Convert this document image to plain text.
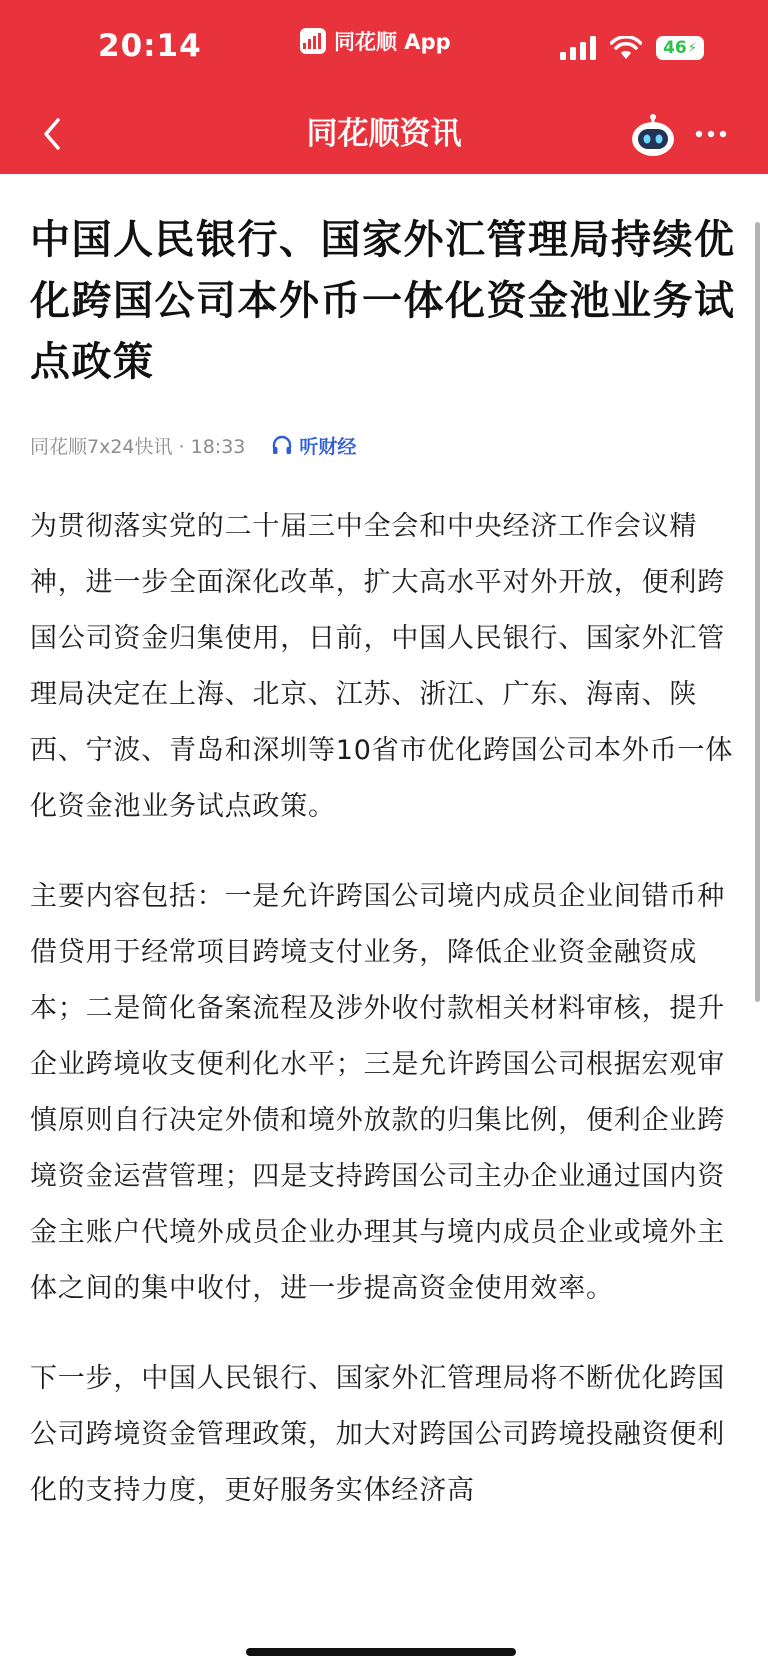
20:14	同花顺 App	46 ⚡
同花顺资讯
中国人民银行、国家外汇管理局持续优化跨国公司本外币一体化资金池业务试点政策
同花顺7x24快讯 · 18:33	听财经

为贯彻落实党的二十届三中全会和中央经济工作会议精神，进一步全面深化改革，扩大高水平对外开放，便利跨国公司资金归集使用，日前，中国人民银行、国家外汇管理局决定在上海、北京、江苏、浙江、广东、海南、陕西、宁波、青岛和深圳等10省市优化跨国公司本外币一体化资金池业务试点政策。

主要内容包括：一是允许跨国公司境内成员企业间错币种借贷用于经常项目跨境支付业务，降低企业资金融资成本；二是简化备案流程及涉外收付款相关材料审核，提升企业跨境收支便利化水平；三是允许跨国公司根据宏观审慎原则自行决定外债和境外放款的归集比例，便利企业跨境资金运营管理；四是支持跨国公司主办企业通过国内资金主账户代境外成员企业办理其与境内成员企业或境外主体之间的集中收付，进一步提高资金使用效率。

下一步，中国人民银行、国家外汇管理局将不断优化跨国公司跨境资金管理政策，加大对跨国公司跨境投融资便利化的支持力度，更好服务实体经济高
